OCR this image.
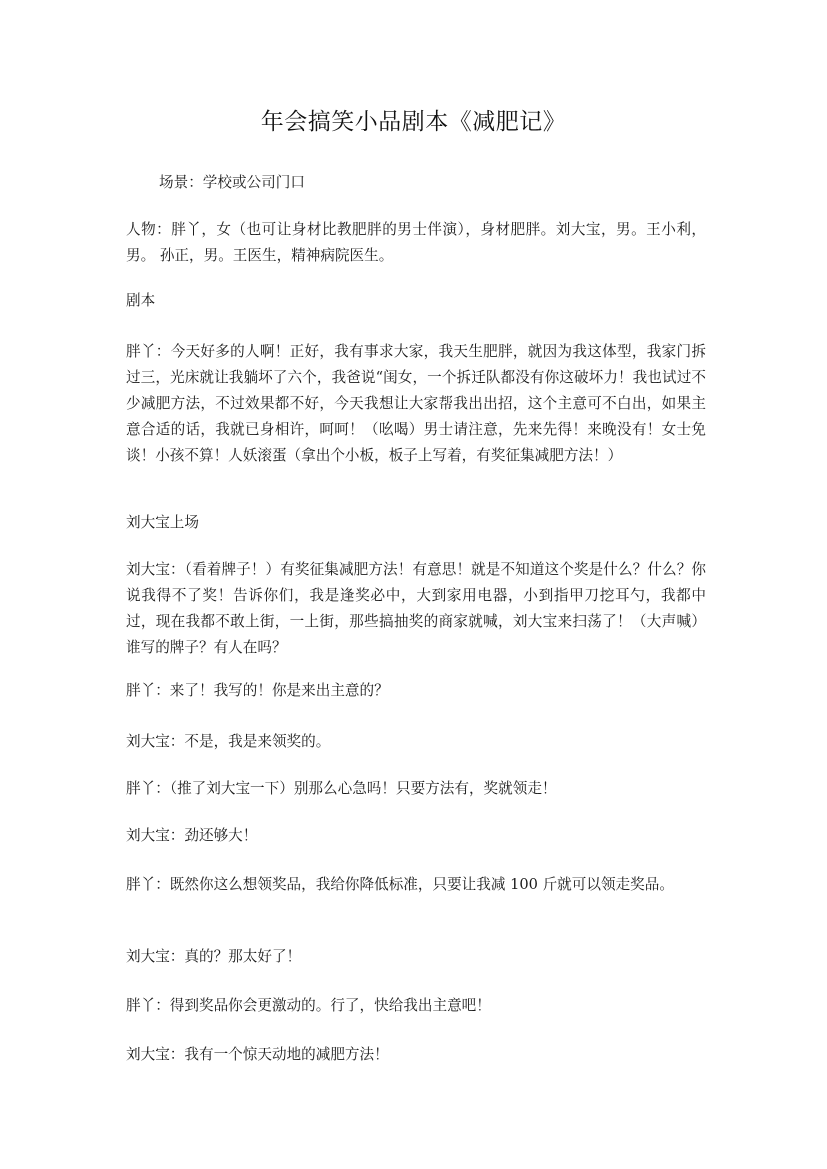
年会搞笑小品剧本《减肥记》
场景：学校或公司门口
人物：胖丫，女（也可让身材比教肥胖的男士伴演），身材肥胖。刘大宝，男。王小利，男。 孙正，男。王医生，精神病院医生。
剧本
胖丫：今天好多的人啊！正好，我有事求大家，我天生肥胖，就因为我这体型，我家门拆过三，光床就让我躺坏了六个，我爸说“闺女，一个拆迁队都没有你这破坏力！我也试过不少减肥方法，不过效果都不好，今天我想让大家帮我出出招，这个主意可不白出，如果主意合适的话，我就已身相许，呵呵！（吆喝）男士请注意，先来先得！来晚没有！女士免谈！小孩不算！人妖滚蛋（拿出个小板，板子上写着，有奖征集减肥方法！）
刘大宝上场
刘大宝：（看着牌子！）有奖征集减肥方法！有意思！就是不知道这个奖是什么？什么？你说我得不了奖！告诉你们，我是逢奖必中，大到家用电器，小到指甲刀挖耳勺，我都中过，现在我都不敢上街，一上街，那些搞抽奖的商家就喊，刘大宝来扫荡了！（大声喊）谁写的牌子？有人在吗？
胖丫：来了！我写的！你是来出主意的？
刘大宝：不是，我是来领奖的。
胖丫：（推了刘大宝一下）别那么心急吗！只要方法有，奖就领走！
刘大宝：劲还够大！
胖丫：既然你这么想领奖品，我给你降低标准，只要让我减 100 斤就可以领走奖品。
刘大宝：真的？那太好了！
胖丫：得到奖品你会更激动的。行了，快给我出主意吧！
刘大宝：我有一个惊天动地的减肥方法！
